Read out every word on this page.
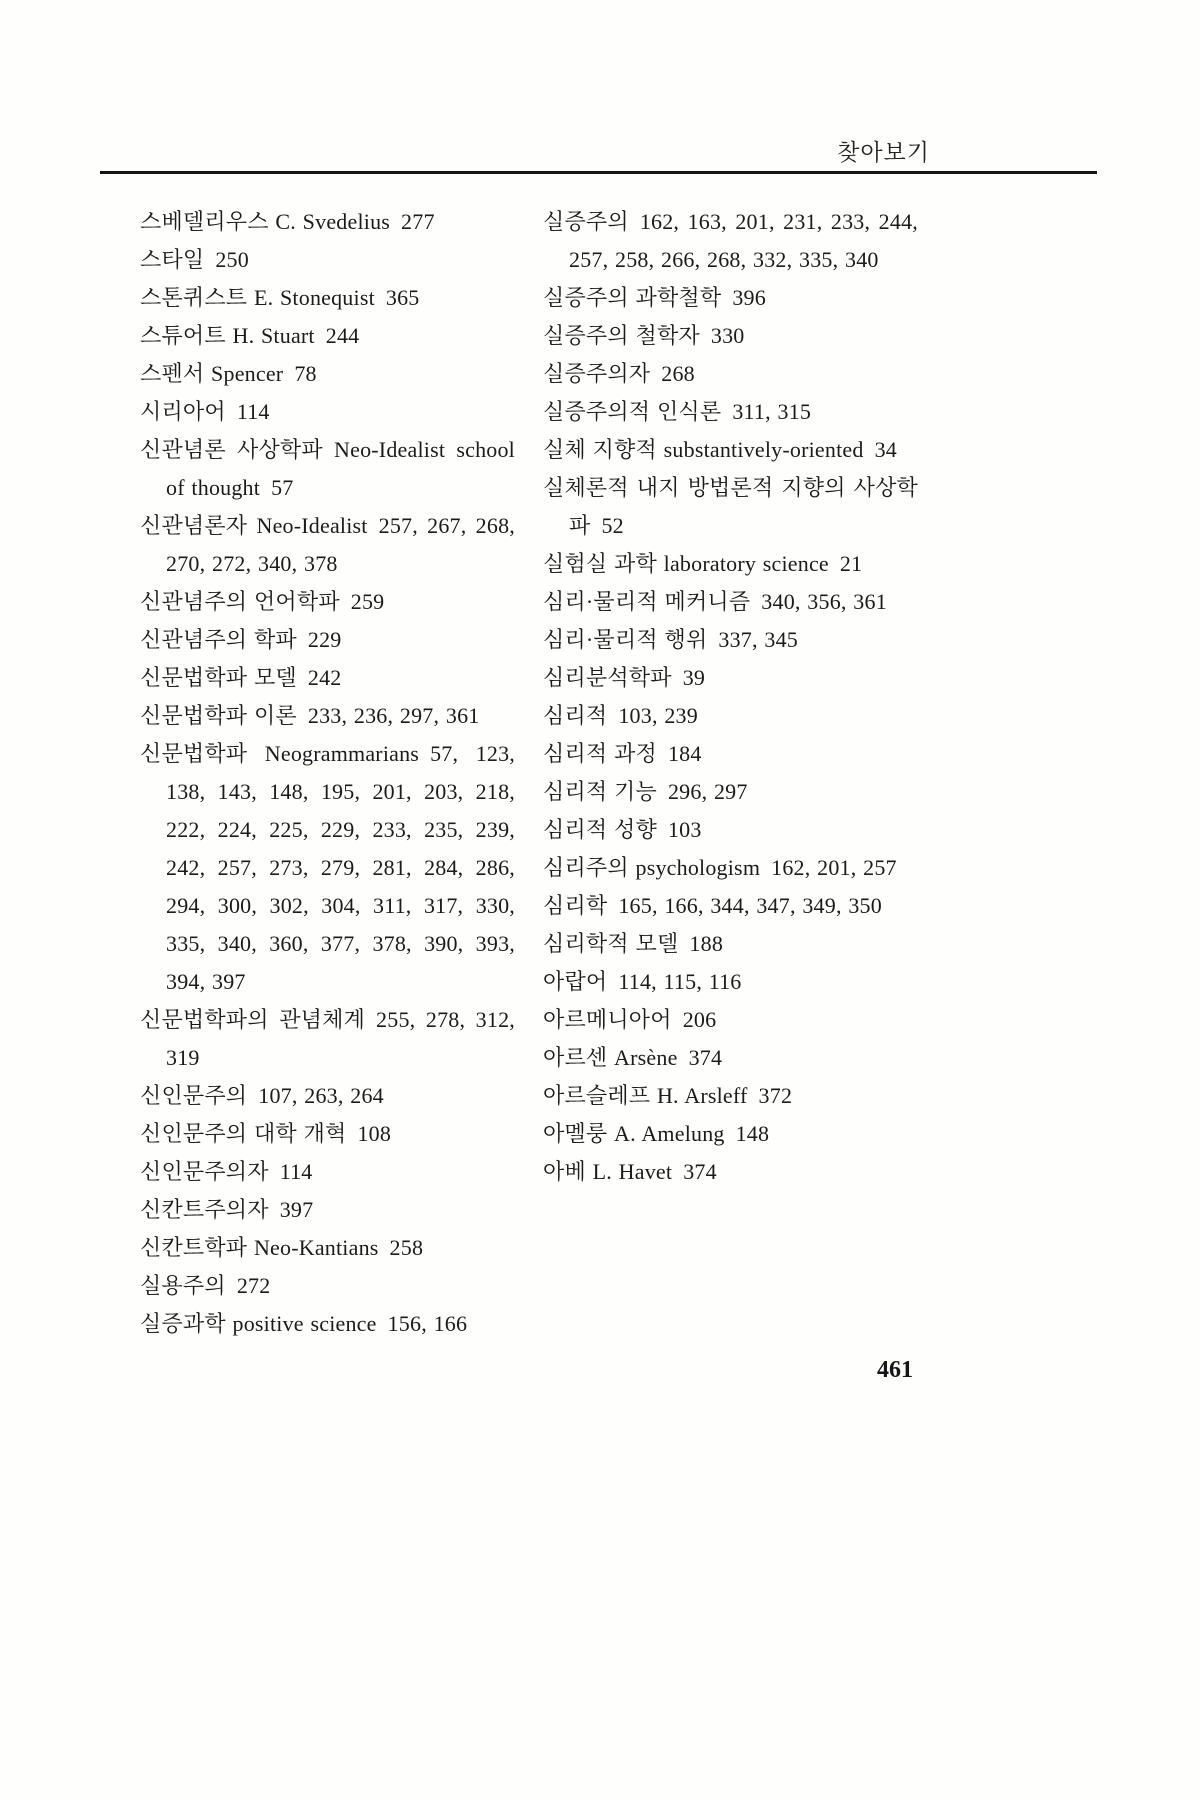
찾아보기
스베델리우스 C. Svedelius 277
스타일 250
스톤퀴스트 E. Stonequist 365
스튜어트 H. Stuart 244
스펜서 Spencer 78
시리아어 114
신관념론 사상학파 Neo-Idealist school of thought 57
신관념론자 Neo-Idealist 257, 267, 268, 270, 272, 340, 378
신관념주의 언어학파 259
신관념주의 학파 229
신문법학파 모델 242
신문법학파 이론 233, 236, 297, 361
신문법학파 Neogrammarians 57, 123, 138, 143, 148, 195, 201, 203, 218, 222, 224, 225, 229, 233, 235, 239, 242, 257, 273, 279, 281, 284, 286, 294, 300, 302, 304, 311, 317, 330, 335, 340, 360, 377, 378, 390, 393, 394, 397
신문법학파의 관념체계 255, 278, 312, 319
신인문주의 107, 263, 264
신인문주의 대학 개혁 108
신인문주의자 114
신칸트주의자 397
신칸트학파 Neo-Kantians 258
실용주의 272
실증과학 positive science 156, 166
실증주의 162, 163, 201, 231, 233, 244, 257, 258, 266, 268, 332, 335, 340
실증주의 과학철학 396
실증주의 철학자 330
실증주의자 268
실증주의적 인식론 311, 315
실체 지향적 substantively-oriented 34
실체론적 내지 방법론적 지향의 사상학파 52
실험실 과학 laboratory science 21
심리·물리적 메커니즘 340, 356, 361
심리·물리적 행위 337, 345
심리분석학파 39
심리적 103, 239
심리적 과정 184
심리적 기능 296, 297
심리적 성향 103
심리주의 psychologism 162, 201, 257
심리학 165, 166, 344, 347, 349, 350
심리학적 모델 188
아랍어 114, 115, 116
아르메니아어 206
아르센 Arsène 374
아르슬레프 H. Arsleff 372
아멜룽 A. Amelung 148
아베 L. Havet 374
461
